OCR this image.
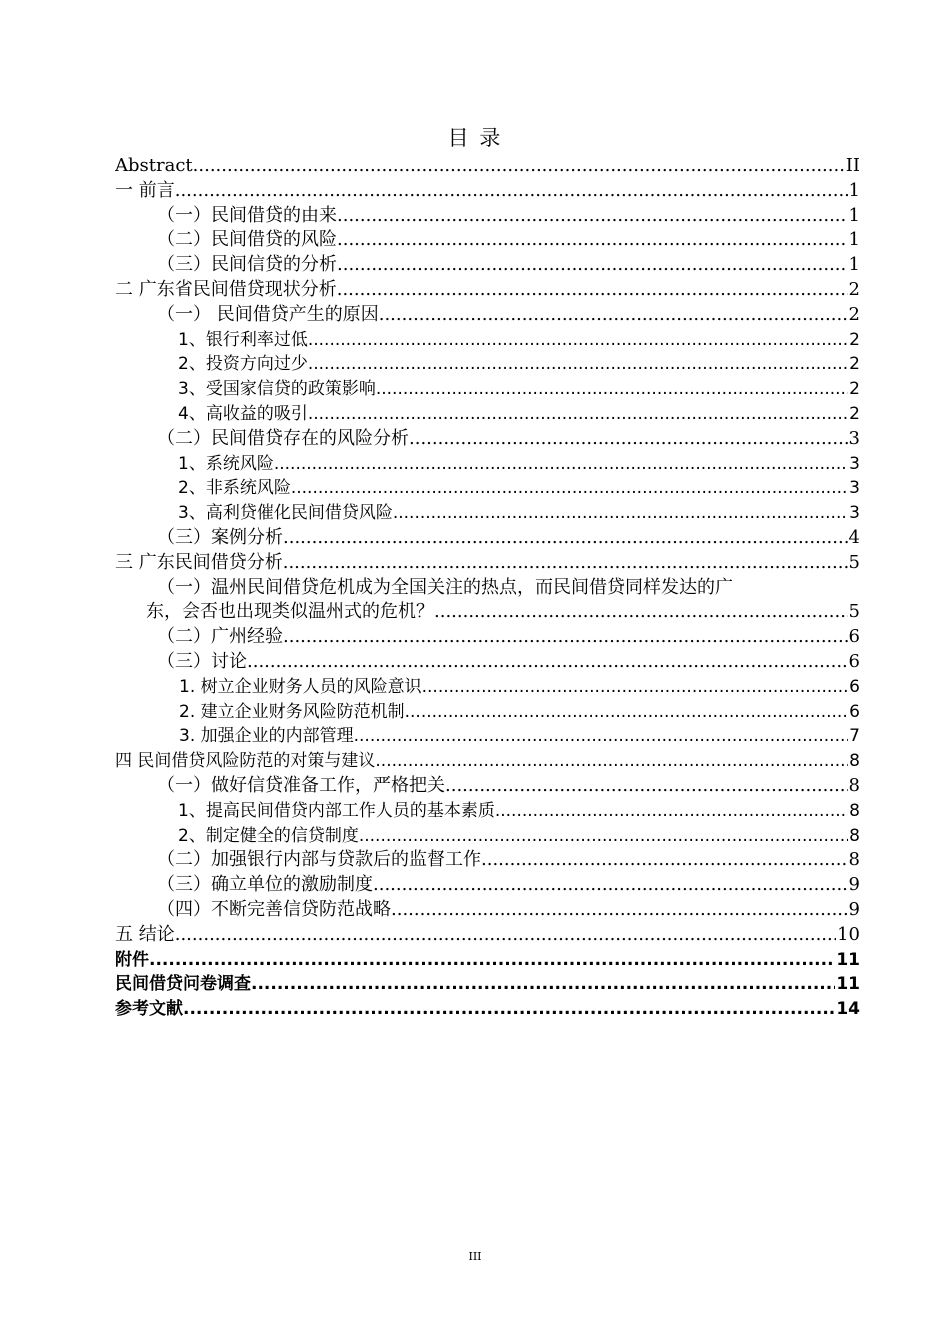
目 录
Abstract .....	II
一 前言 .....	1
（一）民间借贷的由来 .....	1
（二）民间借贷的风险 .....	1
（三）民间信贷的分析 .....	1
二 广东省民间借贷现状分析 .....	2
（一） 民间借贷产生的原因 .....	2
1、银行利率过低 .....	2
2、投资方向过少 .....	2
3、受国家信贷的政策影响 .....	2
4、高收益的吸引 .....	2
（二）民间借贷存在的风险分析 .....	3
1、系统风险 .....	3
2、非系统风险 .....	3
3、高利贷催化民间借贷风险 .....	3
（三）案例分析 .....	4
三 广东民间借贷分析 .....	5
（一）温州民间借贷危机成为全国关注的热点，而民间借贷同样发达的广
东，会否也出现类似温州式的危机？ .....	5
（二）广州经验 .....	6
（三）讨论 .....	6
1. 树立企业财务人员的风险意识 .....	6
2. 建立企业财务风险防范机制 .....	6
3. 加强企业的内部管理 .....	7
四 民间借贷风险防范的对策与建议 .....	8
（一）做好信贷准备工作，严格把关 .....	8
1、提高民间借贷内部工作人员的基本素质 .....	8
2、制定健全的信贷制度 .....	8
（二）加强银行内部与贷款后的监督工作 .....	8
（三）确立单位的激励制度 .....	9
（四）不断完善信贷防范战略 .....	9
五 结论 .....	10
附件 .....	11
民间借贷问卷调查 .....	11
参考文献 .....	14
III
